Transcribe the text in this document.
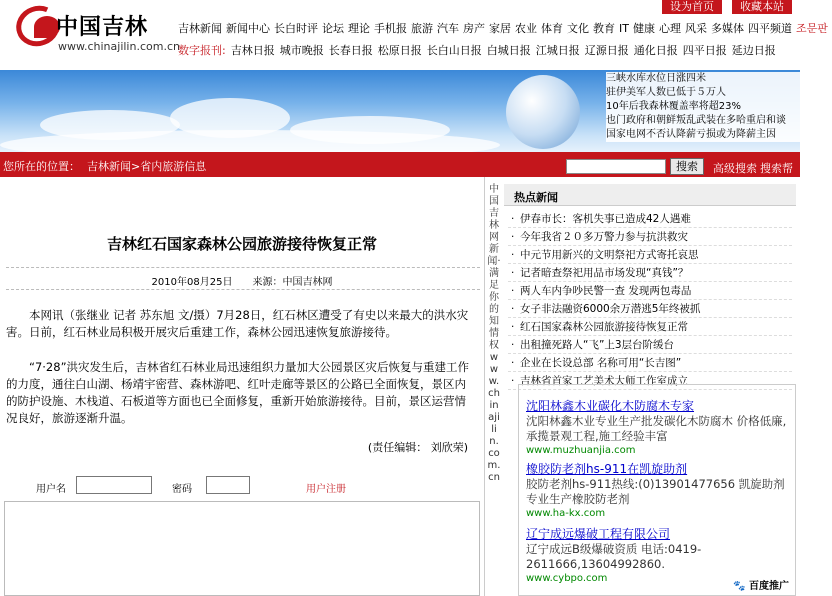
中国吉林
www.chinajilin.com.cn
设为首页	收藏本站
吉林新闻 新闻中心 长白时评 论坛 理论 手机报 旅游 汽车 房产 家居 农业 体育 文化 教育 IT 健康 心理 风采 多媒体 四平频道 조문판
数字报刊: 吉林日报 城市晚报 长春日报 松原日报 长白山日报 白城日报 江城日报 辽源日报 通化日报 四平日报 延边日报
三峡水库水位日涨四米
驻伊美军人数已低于５万人
10年后我森林覆盖率将超23%
也门政府和朝鲜叛乱武装在多哈重启和谈
国家电网不否认降薪亏损或为降薪主因
您所在的位置： 吉林新闻>省内旅游信息	搜索	高级搜索 搜索帮
吉林红石国家森林公园旅游接待恢复正常
2010年08月25日　　来源：中国吉林网

　　本网讯（张继业 记者 苏东旭 文/摄）7月28日，红石林区遭受了有史以来最大的洪水灾害。日前，红石林业局积极开展灾后重建工作，森林公园迅速恢复旅游接待。

　　“7·28”洪灾发生后，吉林省红石林业局迅速组织力量加大公园景区灾后恢复与重建工作的力度，通往白山湖、杨靖宇密营、森林游吧、红叶走廊等景区的公路已全面恢复，景区内的防护设施、木栈道、石板道等方面也已全面修复，重新开始旅游接待。目前，景区运营情况良好，旅游逐渐升温。

(责任编辑： 刘欣荣)
用户名	密码	用户注册
中国吉林网新闻·满足你的知情权 www.chinajilin.com.cn
热点新闻
· 伊春市长：客机失事已造成42人遇难
· 今年我省２０多万警力参与抗洪救灾
· 中元节用新兴的文明祭祀方式寄托哀思
· 记者暗查祭祀用品市场发现“真钱”？
· 两人车内争吵民警一查 发现两包毒品
· 女子非法融资6000余万潜逃5年终被抓
· 红石国家森林公园旅游接待恢复正常
· 出租撞死路人“飞”上3层台阶缓台
· 企业在长设总部 名称可用“长吉图”
· 吉林省首家工艺美术大师工作室成立
沈阳林鑫木业碳化木防腐木专家
沈阳林鑫木业专业生产批发碳化木防腐木 价格低廉,承揽景观工程,施工经验丰富
www.muzhuanjia.com
橡胶防老剂hs-911在凯旋助剂
胶防老剂hs-911热线:(0)13901477656 凯旋助剂专业生产橡胶防老剂
www.ha-kx.com
辽宁成远爆破工程有限公司
辽宁成远B级爆破资质 电话:0419-2611666,13604992860.
www.cybpo.com
🐾 百度推广
